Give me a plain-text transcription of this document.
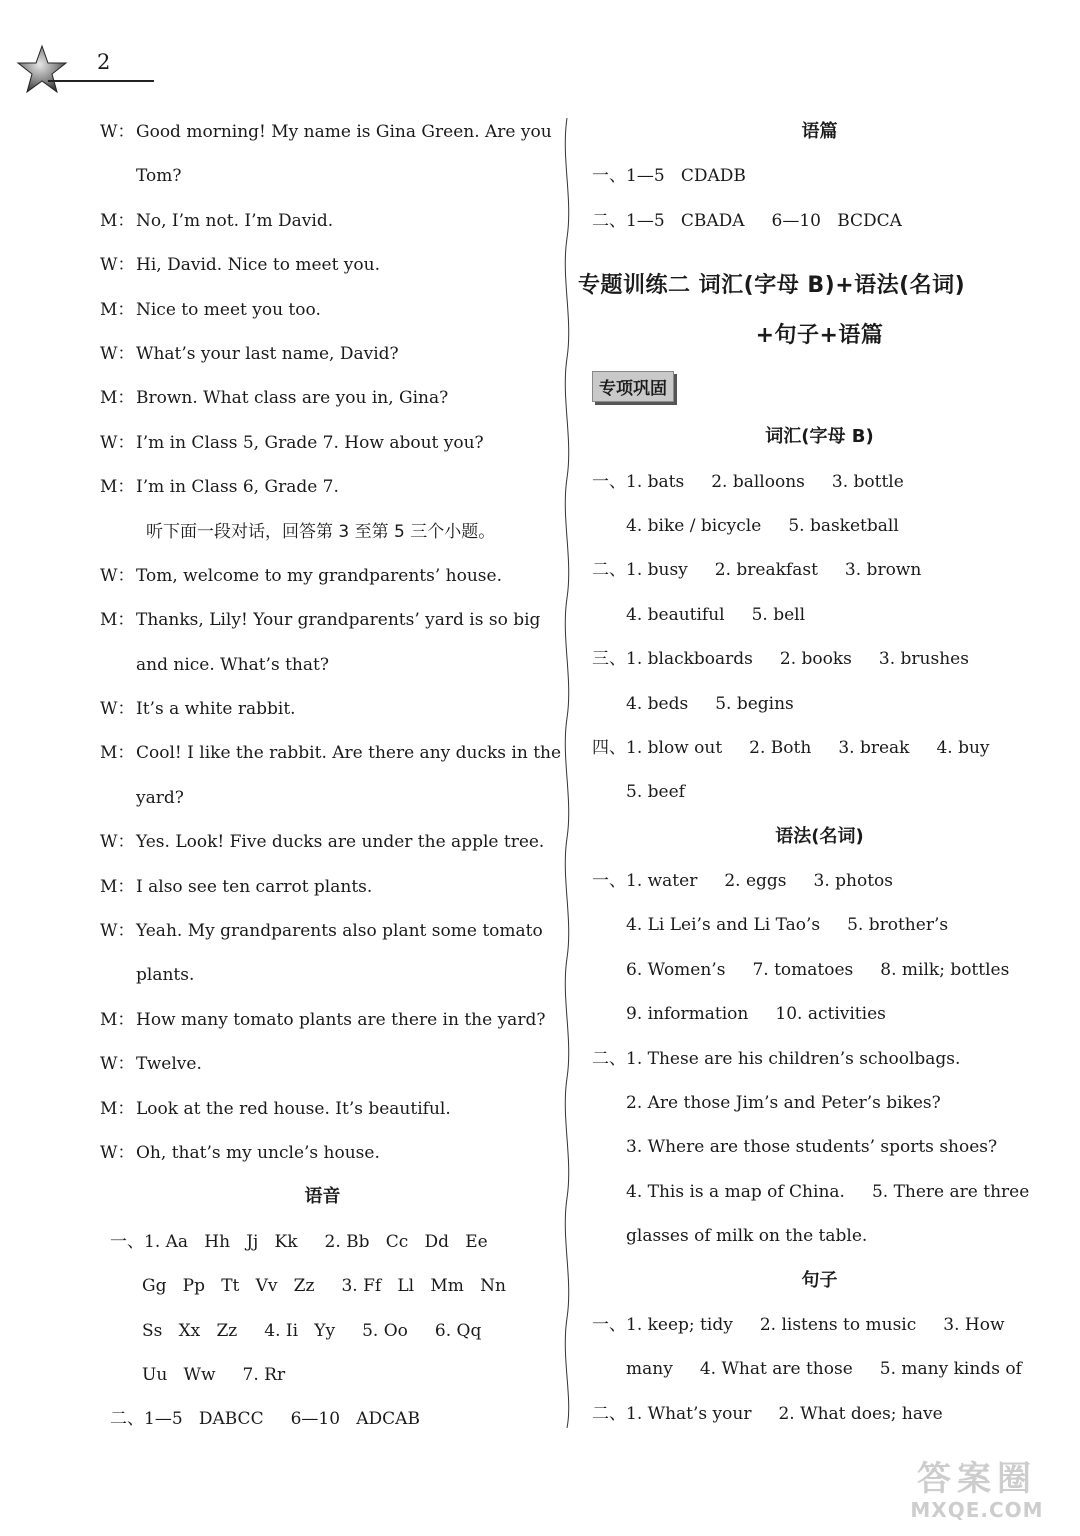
2
W： Good morning! My name is Gina Green. Are you
Tom?
M： No, I’m not. I’m David.
W： Hi, David. Nice to meet you.
M： Nice to meet you too.
W： What’s your last name, David?
M： Brown. What class are you in, Gina?
W： I’m in Class 5, Grade 7. How about you?
M： I’m in Class 6, Grade 7.
听下面一段对话，回答第 3 至第 5 三个小题。
W： Tom, welcome to my grandparents’ house.
M： Thanks, Lily! Your grandparents’ yard is so big
and nice. What’s that?
W： It’s a white rabbit.
M： Cool! I like the rabbit. Are there any ducks in the
yard?
W： Yes. Look! Five ducks are under the apple tree.
M： I also see ten carrot plants.
W： Yeah. My grandparents also plant some tomato
plants.
M： How many tomato plants are there in the yard?
W： Twelve.
M： Look at the red house. It’s beautiful.
W： Oh, that’s my uncle’s house.
语音
一、1. Aa   Hh   Jj   Kk     2. Bb   Cc   Dd   Ee
Gg   Pp   Tt   Vv   Zz     3. Ff   Ll   Mm   Nn
Ss   Xx   Zz     4. Ii   Yy     5. Oo     6. Qq
Uu   Ww     7. Rr
二、1—5   DABCC     6—10   ADCAB
语篇
一、1—5   CDADB
二、1—5   CBADA     6—10   BCDCA
专题训练二 词汇(字母 B)+语法(名词)
+句子+语篇
专项巩固
词汇(字母 B)
一、1. bats     2. balloons     3. bottle
4. bike / bicycle     5. basketball
二、1. busy     2. breakfast     3. brown
4. beautiful     5. bell
三、1. blackboards     2. books     3. brushes
4. beds     5. begins
四、1. blow out     2. Both     3. break     4. buy
5. beef
语法(名词)
一、1. water     2. eggs     3. photos
4. Li Lei’s and Li Tao’s     5. brother’s
6. Women’s     7. tomatoes     8. milk; bottles
9. information     10. activities
二、1. These are his children’s schoolbags.
2. Are those Jim’s and Peter’s bikes?
3. Where are those students’ sports shoes?
4. This is a map of China.     5. There are three
glasses of milk on the table.
句子
一、1. keep; tidy     2. listens to music     3. How
many     4. What are those     5. many kinds of
二、1. What’s your     2. What does; have
答案圈
MXQE.COM
